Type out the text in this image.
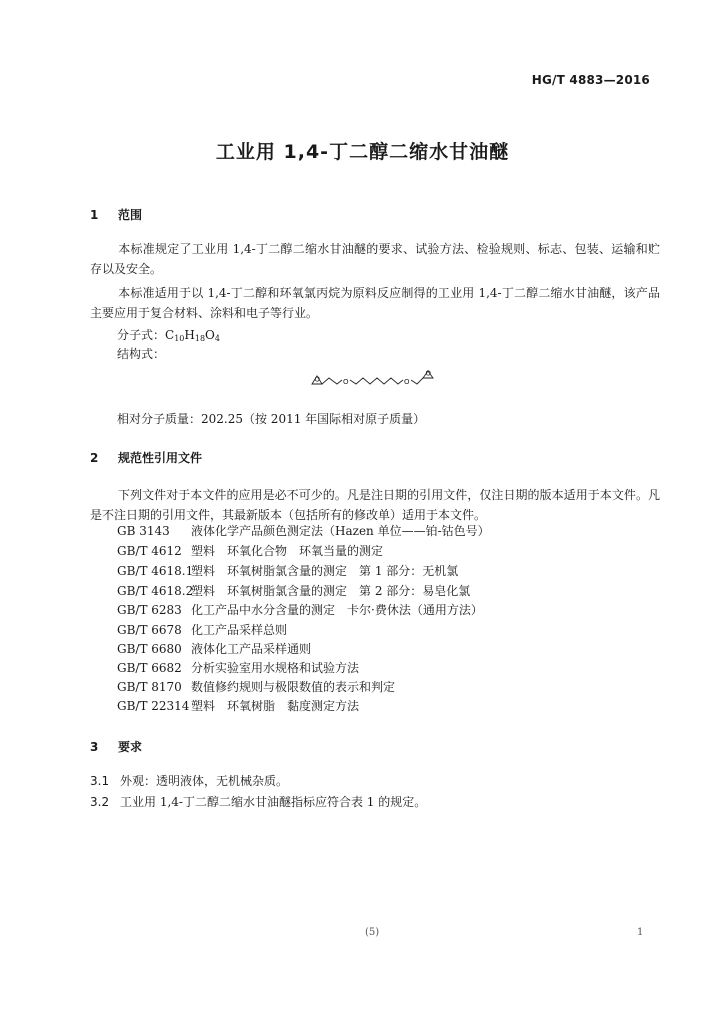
HG/T 4883—2016
工业用 1,4-丁二醇二缩水甘油醚
1 范围
本标准规定了工业用 1,4-丁二醇二缩水甘油醚的要求、试验方法、检验规则、标志、包装、运输和贮存以及安全。
本标准适用于以 1,4-丁二醇和环氧氯丙烷为原料反应制得的工业用 1,4-丁二醇二缩水甘油醚，该产品主要应用于复合材料、涂料和电子等行业。
分子式：$C_{10}H_{18}O_4$
结构式：
O	O	O
O
相对分子质量：202.25（按 2011 年国际相对原子质量）
2 规范性引用文件
下列文件对于本文件的应用是必不可少的。凡是注日期的引用文件，仅注日期的版本适用于本文件。凡是不注日期的引用文件，其最新版本（包括所有的修改单）适用于本文件。
GB 3143 液体化学产品颜色测定法（Hazen 单位——铂-钴色号）
GB/T 4612 塑料　环氧化合物　环氧当量的测定
GB/T 4618.1塑料　环氧树脂氯含量的测定　第 1 部分：无机氯
GB/T 4618.2塑料　环氧树脂氯含量的测定　第 2 部分：易皂化氯
GB/T 6283 化工产品中水分含量的测定　卡尔·费休法（通用方法）
GB/T 6678 化工产品采样总则
GB/T 6680 液体化工产品采样通则
GB/T 6682 分析实验室用水规格和试验方法
GB/T 8170 数值修约规则与极限数值的表示和判定
GB/T 22314 塑料　环氧树脂　黏度测定方法
3 要求
3.1 外观：透明液体，无机械杂质。
3.2 工业用 1,4-丁二醇二缩水甘油醚指标应符合表 1 的规定。
(5)	1
